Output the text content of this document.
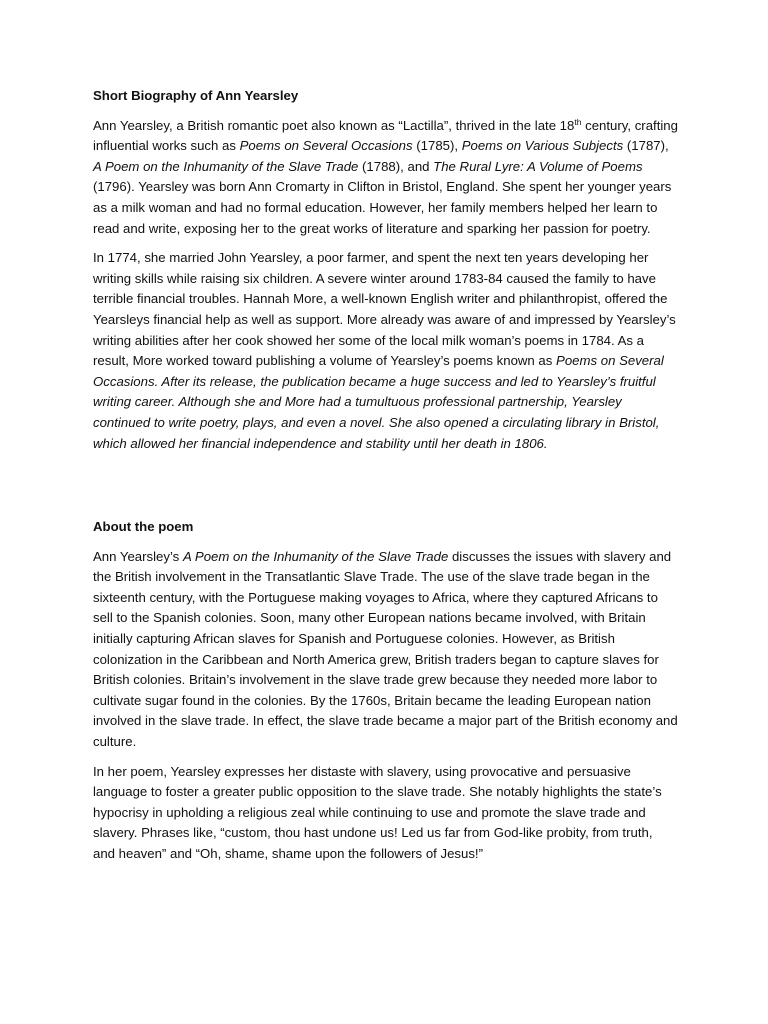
Short Biography of Ann Yearsley

Ann Yearsley, a British romantic poet also known as “Lactilla”, thrived in the late 18th century, crafting influential works such as Poems on Several Occasions (1785), Poems on Various Subjects (1787), A Poem on the Inhumanity of the Slave Trade (1788), and The Rural Lyre: A Volume of Poems (1796). Yearsley was born Ann Cromarty in Clifton in Bristol, England. She spent her younger years as a milk woman and had no formal education. However, her family members helped her learn to read and write, exposing her to the great works of literature and sparking her passion for poetry.

In 1774, she married John Yearsley, a poor farmer, and spent the next ten years developing her writing skills while raising six children. A severe winter around 1783-84 caused the family to have terrible financial troubles. Hannah More, a well-known English writer and philanthropist, offered the Yearsleys financial help as well as support. More already was aware of and impressed by Yearsley’s writing abilities after her cook showed her some of the local milk woman’s poems in 1784. As a result, More worked toward publishing a volume of Yearsley’s poems known as Poems on Several Occasions. After its release, the publication became a huge success and led to Yearsley’s fruitful writing career. Although she and More had a tumultuous professional partnership, Yearsley continued to write poetry, plays, and even a novel. She also opened a circulating library in Bristol, which allowed her financial independence and stability until her death in 1806.

About the poem

Ann Yearsley’s A Poem on the Inhumanity of the Slave Trade discusses the issues with slavery and the British involvement in the Transatlantic Slave Trade. The use of the slave trade began in the sixteenth century, with the Portuguese making voyages to Africa, where they captured Africans to sell to the Spanish colonies. Soon, many other European nations became involved, with Britain initially capturing African slaves for Spanish and Portuguese colonies. However, as British colonization in the Caribbean and North America grew, British traders began to capture slaves for British colonies. Britain’s involvement in the slave trade grew because they needed more labor to cultivate sugar found in the colonies. By the 1760s, Britain became the leading European nation involved in the slave trade. In effect, the slave trade became a major part of the British economy and culture.

In her poem, Yearsley expresses her distaste with slavery, using provocative and persuasive language to foster a greater public opposition to the slave trade. She notably highlights the state’s hypocrisy in upholding a religious zeal while continuing to use and promote the slave trade and slavery. Phrases like, “custom, thou hast undone us! Led us far from God-like probity, from truth, and heaven” and “Oh, shame, shame upon the followers of Jesus!”
